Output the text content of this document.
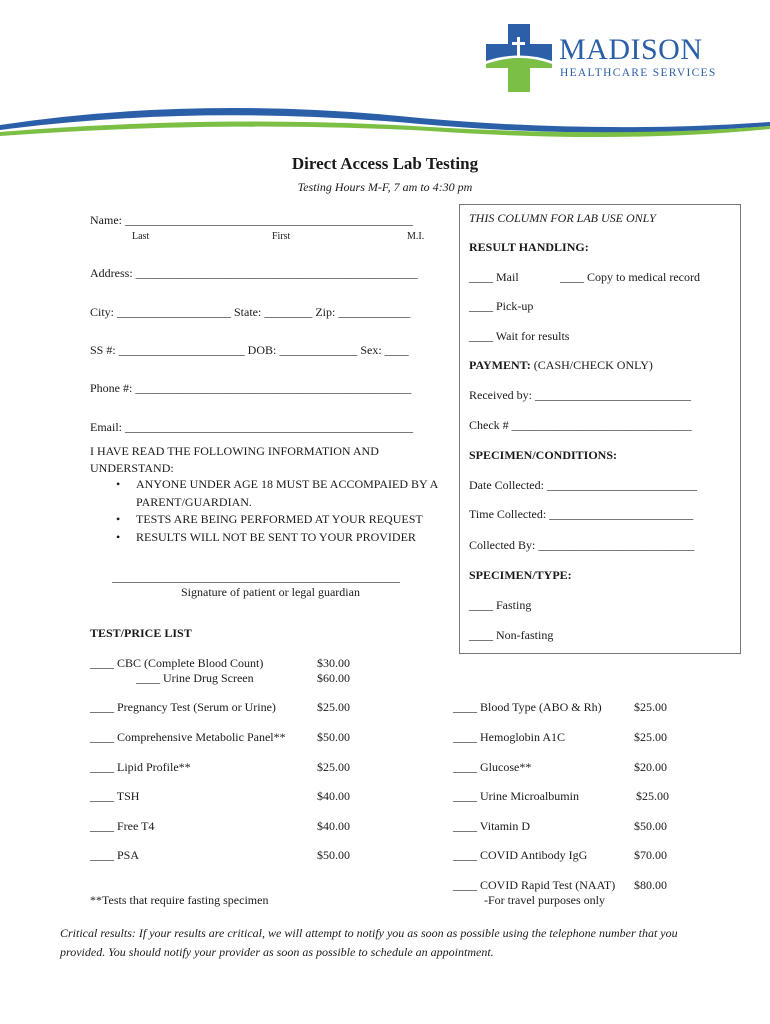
MADISON
HEALTHCARE SERVICES
Direct Access Lab Testing
Testing Hours M-F, 7 am to 4:30 pm
Name: ________________________________________________
Last	First	M.I.
Address: _______________________________________________
City: ___________________ State: ________ Zip: ____________
SS #: _____________________ DOB: _____________ Sex: ____
Phone #: ______________________________________________
Email: ________________________________________________
I HAVE READ THE FOLLOWING INFORMATION AND
UNDERSTAND:
• ANYONE UNDER AGE 18 MUST BE ACCOMPAIED BY A PARENT/GUARDIAN.
• TESTS ARE BEING PERFORMED AT YOUR REQUEST
• RESULTS WILL NOT BE SENT TO YOUR PROVIDER
________________________________________________
Signature of patient or legal guardian
THIS COLUMN FOR LAB USE ONLY
RESULT HANDLING:
____ Mail	____ Copy to medical record
____ Pick-up
____ Wait for results
PAYMENT: (CASH/CHECK ONLY)
Received by: __________________________
Check # ______________________________
SPECIMEN/CONDITIONS:
Date Collected: _________________________
Time Collected: ________________________
Collected By: __________________________
SPECIMEN/TYPE:
____ Fasting
____ Non-fasting
TEST/PRICE LIST
____ CBC (Complete Blood Count)	$30.00
____ Urine Drug Screen	$60.00
____ Pregnancy Test (Serum or Urine)	$25.00
____ Comprehensive Metabolic Panel**	$50.00
____ Lipid Profile**	$25.00
____ TSH	$40.00
____ Free T4	$40.00
____ PSA	$50.00
____ Blood Type (ABO & Rh)	$25.00
____ Hemoglobin A1C	$25.00
____ Glucose**	$20.00
____ Urine Microalbumin	$25.00
____ Vitamin D	$50.00
____ COVID Antibody IgG	$70.00
____ COVID Rapid Test (NAAT) $80.00
-For travel purposes only
**Tests that require fasting specimen
Critical results: If your results are critical, we will attempt to notify you as soon as possible using the telephone number that you provided. You should notify your provider as soon as possible to schedule an appointment.
